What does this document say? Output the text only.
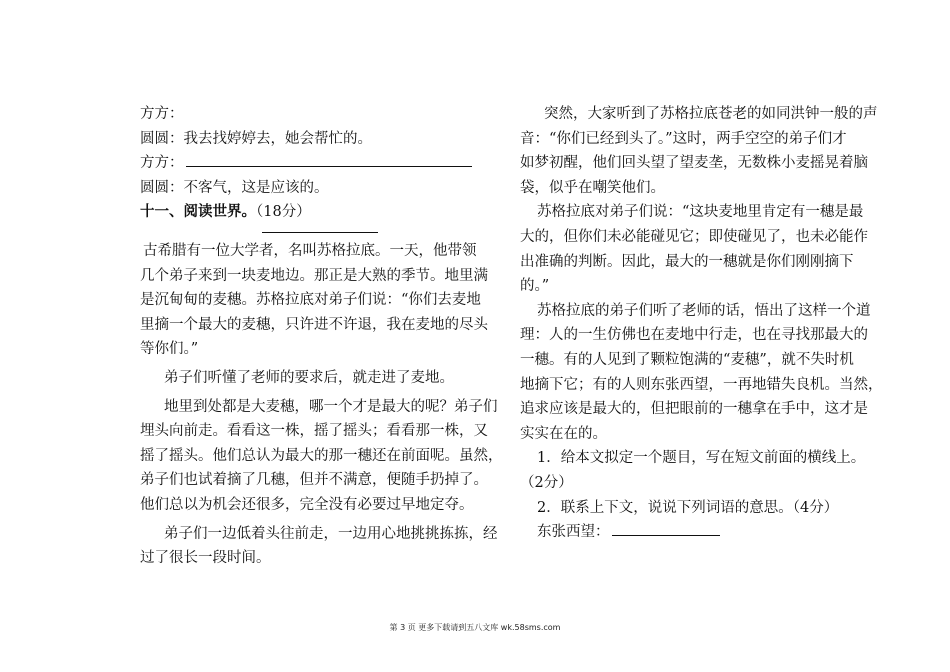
方方：
圆圆：我去找婷婷去，她会帮忙的。
方方：
圆圆：不客气，这是应该的。
十一、阅读世界。（18分）
古希腊有一位大学者，名叫苏格拉底。一天，他带领
几个弟子来到一块麦地边。那正是大熟的季节。地里满
是沉甸甸的麦穗。苏格拉底对弟子们说：“你们去麦地
里摘一个最大的麦穗，只许进不许退，我在麦地的尽头
等你们。”
弟子们听懂了老师的要求后，就走进了麦地。
地里到处都是大麦穗，哪一个才是最大的呢？弟子们
埋头向前走。看看这一株，摇了摇头；看看那一株，又
摇了摇头。他们总认为最大的那一穗还在前面呢。虽然，
弟子们也试着摘了几穗，但并不满意，便随手扔掉了。
他们总以为机会还很多，完全没有必要过早地定夺。
弟子们一边低着头往前走，一边用心地挑挑拣拣，经
过了很长一段时间。
突然，大家听到了苏格拉底苍老的如同洪钟一般的声
音：“你们已经到头了。”这时，两手空空的弟子们才
如梦初醒，他们回头望了望麦垄，无数株小麦摇晃着脑
袋，似乎在嘲笑他们。
苏格拉底对弟子们说：“这块麦地里肯定有一穗是最
大的，但你们未必能碰见它；即使碰见了，也未必能作
出准确的判断。因此，最大的一穗就是你们刚刚摘下
的。”
苏格拉底的弟子们听了老师的话，悟出了这样一个道
理：人的一生仿佛也在麦地中行走，也在寻找那最大的
一穗。有的人见到了颗粒饱满的“麦穗”，就不失时机
地摘下它；有的人则东张西望，一再地错失良机。当然，
追求应该是最大的，但把眼前的一穗拿在手中，这才是
实实在在的。
1．给本文拟定一个题目，写在短文前面的横线上。
（2分）
2．联系上下文，说说下列词语的意思。（4分）
东张西望：
第 3 页 更多下载请到五八文库 wk.58sms.com
